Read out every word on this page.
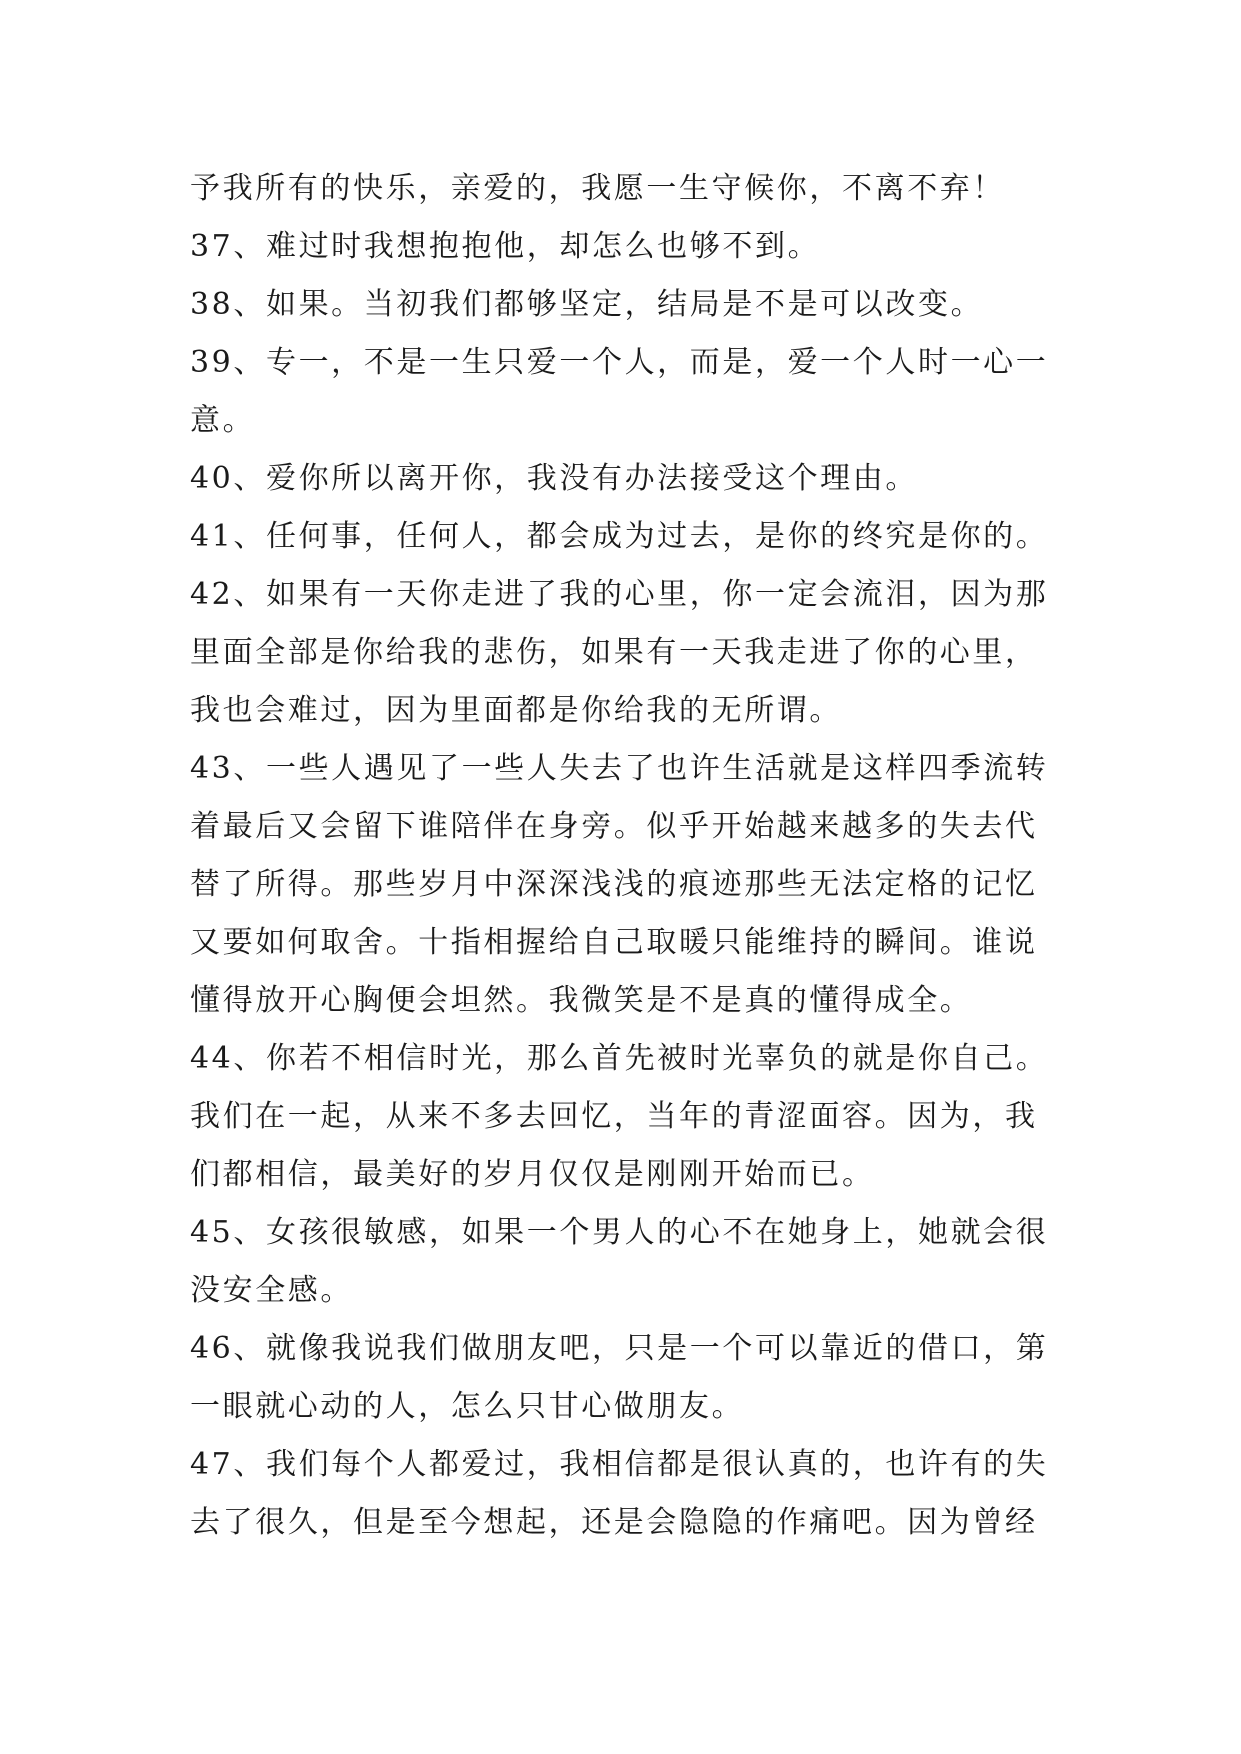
予我所有的快乐，亲爱的，我愿一生守候你，不离不弃！
37、难过时我想抱抱他，却怎么也够不到。
38、如果。当初我们都够坚定，结局是不是可以改变。
39、专一，不是一生只爱一个人，而是，爱一个人时一心一
意。
40、爱你所以离开你，我没有办法接受这个理由。
41、任何事，任何人，都会成为过去，是你的终究是你的。
42、如果有一天你走进了我的心里，你一定会流泪，因为那
里面全部是你给我的悲伤，如果有一天我走进了你的心里，
我也会难过，因为里面都是你给我的无所谓。
43、一些人遇见了一些人失去了也许生活就是这样四季流转
着最后又会留下谁陪伴在身旁。似乎开始越来越多的失去代
替了所得。那些岁月中深深浅浅的痕迹那些无法定格的记忆
又要如何取舍。十指相握给自己取暖只能维持的瞬间。谁说
懂得放开心胸便会坦然。我微笑是不是真的懂得成全。
44、你若不相信时光，那么首先被时光辜负的就是你自己。
我们在一起，从来不多去回忆，当年的青涩面容。因为，我
们都相信，最美好的岁月仅仅是刚刚开始而已。
45、女孩很敏感，如果一个男人的心不在她身上，她就会很
没安全感。
46、就像我说我们做朋友吧，只是一个可以靠近的借口，第
一眼就心动的人，怎么只甘心做朋友。
47、我们每个人都爱过，我相信都是很认真的，也许有的失
去了很久，但是至今想起，还是会隐隐的作痛吧。因为曾经
